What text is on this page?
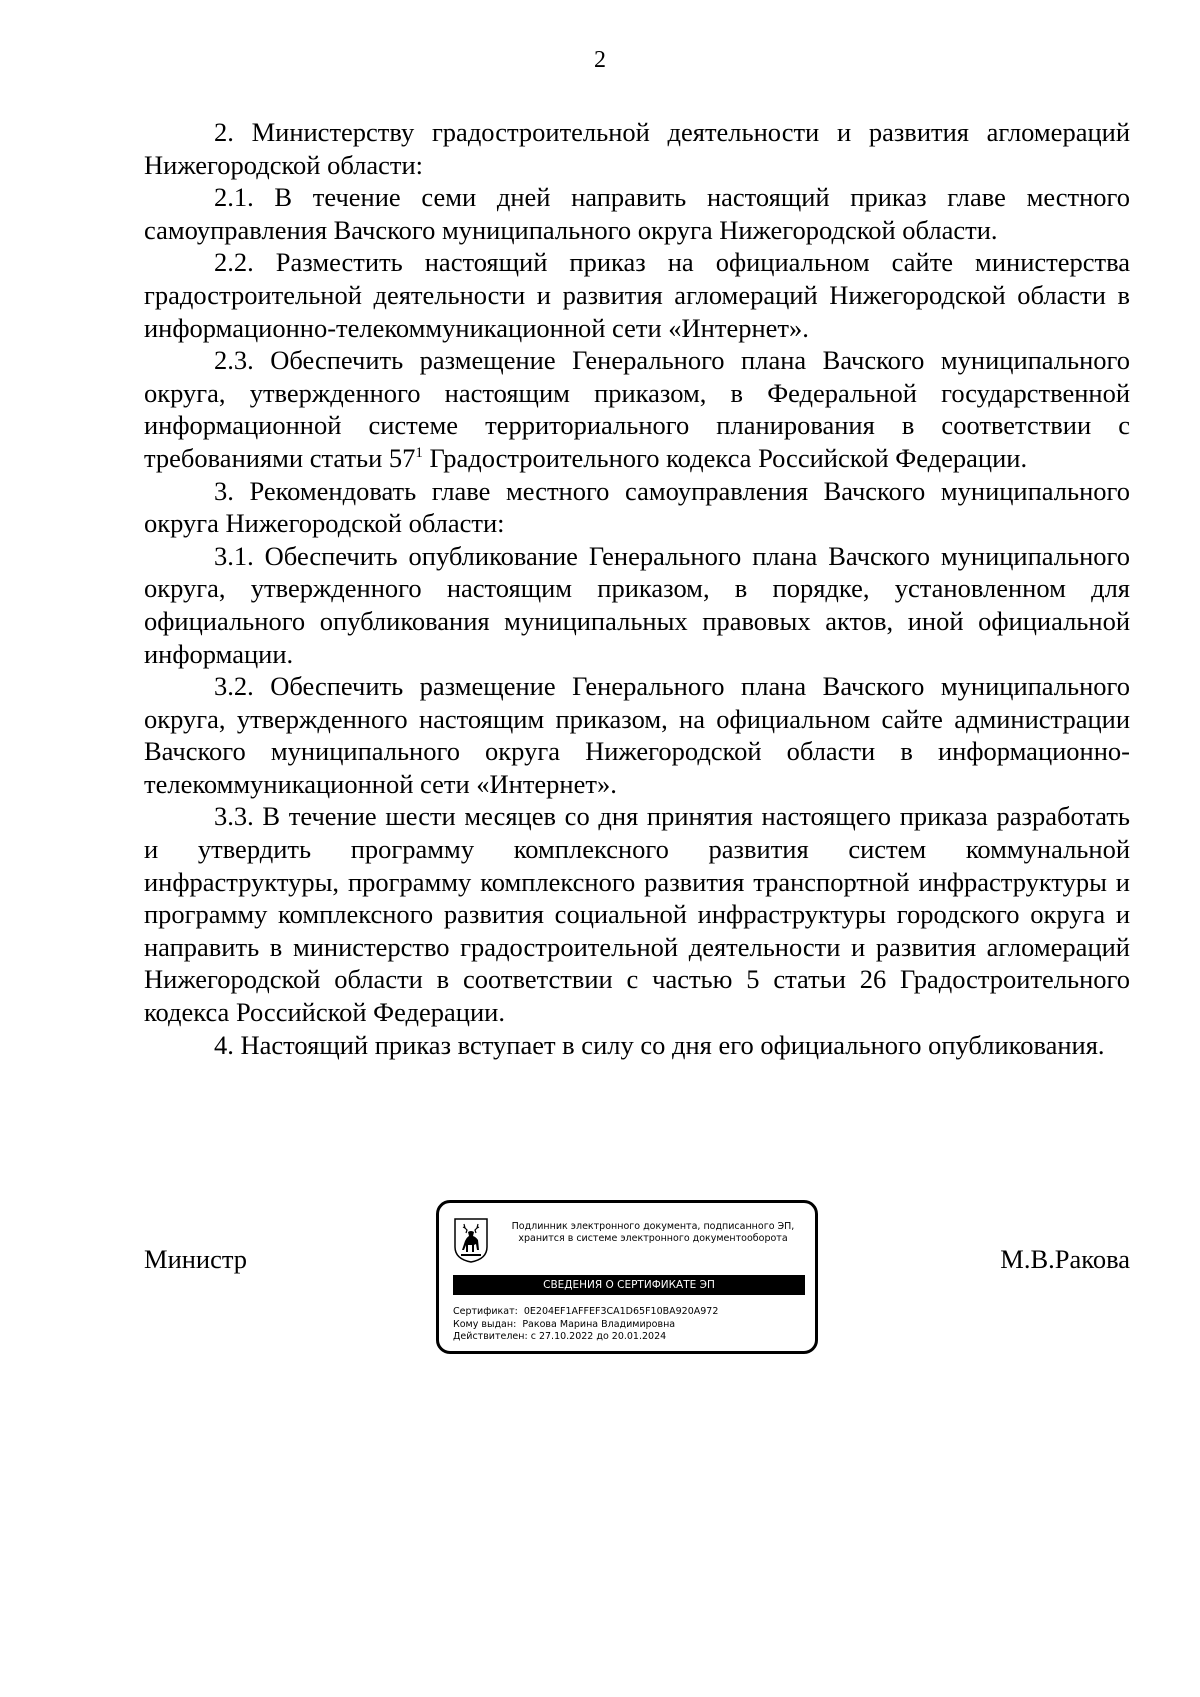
2

2. Министерству градостроительной деятельности и развития агломераций Нижегородской области:

2.1. В течение семи дней направить настоящий приказ главе местного самоуправления Вачского муниципального округа Нижегородской области.

2.2. Разместить настоящий приказ на официальном сайте министерства градостроительной деятельности и развития агломераций Нижегородской области в информационно-телекоммуникационной сети «Интернет».

2.3. Обеспечить размещение Генерального плана Вачского муниципального округа, утвержденного настоящим приказом, в Федеральной государственной информационной системе территориального планирования в соответствии с требованиями статьи $57^1$ Градостроительного кодекса Российской Федерации.

3. Рекомендовать главе местного самоуправления Вачского муниципального округа Нижегородской области:

3.1. Обеспечить опубликование Генерального плана Вачского муниципального округа, утвержденного настоящим приказом, в порядке, установленном для официального опубликования муниципальных правовых актов, иной официальной информации.

3.2. Обеспечить размещение Генерального плана Вачского муниципального округа, утвержденного настоящим приказом, на официальном сайте администрации Вачского муниципального округа Нижегородской области в информационно-телекоммуникационной сети «Интернет».

3.3. В течение шести месяцев со дня принятия настоящего приказа разработать и утвердить программу комплексного развития систем коммунальной инфраструктуры, программу комплексного развития транспортной инфраструктуры и программу комплексного развития социальной инфраструктуры городского округа и направить в министерство градостроительной деятельности и развития агломераций Нижегородской области в соответствии с частью 5 статьи 26 Градостроительного кодекса Российской Федерации.

4. Настоящий приказ вступает в силу со дня его официального опубликования.

Министр	М.В.Ракова
Подлинник электронного документа, подписанного ЭП,
хранится в системе электронного документооборота
СВЕДЕНИЯ О СЕРТИФИКАТЕ ЭП
Сертификат: 0E204EF1AFFEF3CA1D65F10BA920A972
Кому выдан: Ракова Марина Владимировна
Действителен: с 27.10.2022 до 20.01.2024
